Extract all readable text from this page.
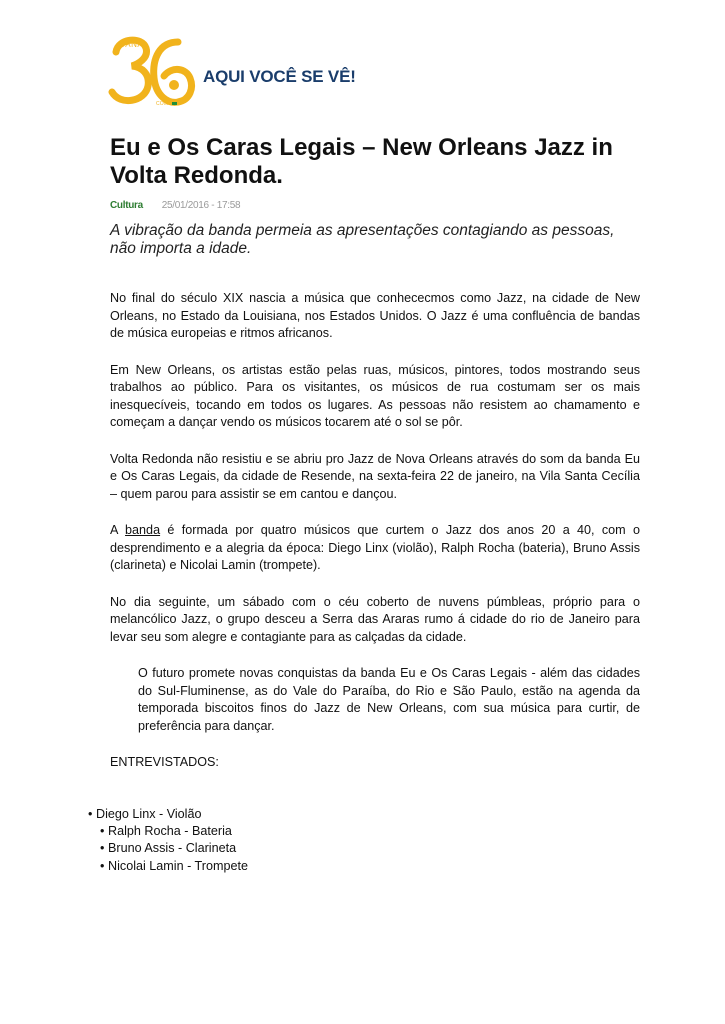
CANAL
COM.
AQUI VOCÊ SE VÊ!
Eu e Os Caras Legais – New Orleans Jazz in Volta Redonda.
Cultura 25/01/2016 - 17:58

A vibração da banda permeia as apresentações contagiando as pessoas, não importa a idade.

No final do século XIX nascia a música que conhececmos como Jazz, na cidade de New Orleans, no Estado da Louisiana, nos Estados Unidos. O Jazz é uma confluência de bandas de música europeias e ritmos africanos.

Em New Orleans, os artistas estão pelas ruas, músicos, pintores, todos mostrando seus trabalhos ao público. Para os visitantes, os músicos de rua costumam ser os mais inesquecíveis, tocando em todos os lugares. As pessoas não resistem ao chamamento e começam a dançar vendo os músicos tocarem até o sol se pôr.

Volta Redonda não resistiu e se abriu pro Jazz de Nova Orleans através do som da banda Eu e Os Caras Legais, da cidade de Resende, na sexta-feira 22 de janeiro, na Vila Santa Cecília – quem parou para assistir se em cantou e dançou.

A banda é formada por quatro músicos que curtem o Jazz dos anos 20 a 40, com o desprendimento e a alegria da época: Diego Linx (violão), Ralph Rocha (bateria), Bruno Assis (clarineta) e Nicolai Lamin (trompete).

No dia seguinte, um sábado com o céu coberto de nuvens púmbleas, próprio para o melancólico Jazz, o grupo desceu a Serra das Araras rumo á cidade do rio de Janeiro para levar seu som alegre e contagiante para as calçadas da cidade.

O futuro promete novas conquistas da banda Eu e Os Caras Legais - além das cidades do Sul-Fluminense, as do Vale do Paraíba, do Rio e São Paulo, estão na agenda da temporada biscoitos finos do Jazz de New Orleans, com sua música para curtir, de preferência para dançar.

ENTREVISTADOS:

• Diego Linx - Violão
• Ralph Rocha - Bateria
• Bruno Assis - Clarineta
• Nicolai Lamin - Trompete
